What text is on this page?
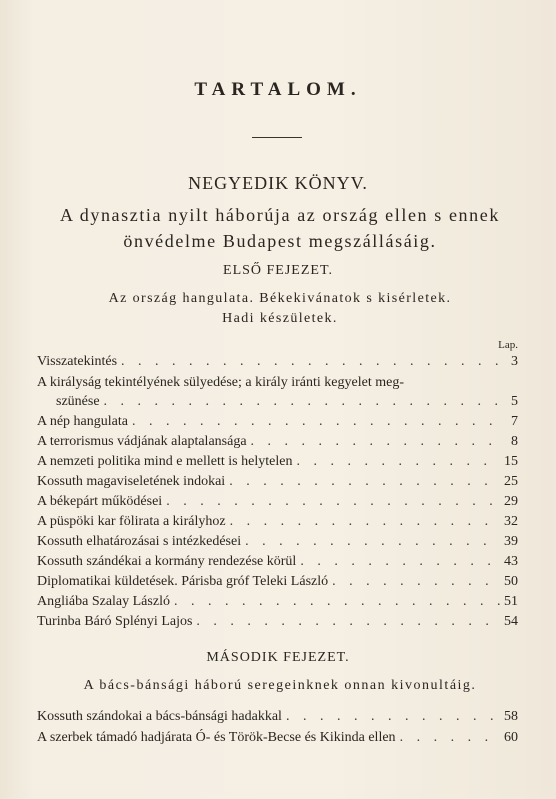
TARTALOM.
NEGYEDIK KÖNYV.
A dynasztia nyilt háborúja az ország ellen s ennek
önvédelme Budapest megszállásáig.
ELSŐ FEJEZET.
Az ország hangulata. Békekivánatok s kisérletek.
Hadi készületek.
Lap.
Visszatekintés . . .	3
A királyság tekintélyének sülyedése; a király iránti kegyelet meg-
szünése . . .	5
A nép hangulata . . .	7
A terrorismus vádjának alaptalansága . . .	8
A nemzeti politika mind e mellett is helytelen . . .	15
Kossuth magaviseletének indokai . . .	25
A békepárt működései . . .	29
A püspöki kar fölirata a királyhoz . . .	32
Kossuth elhatározásai s intézkedései . . .	39
Kossuth szándékai a kormány rendezése körül . . .	43
Diplomatikai küldetések. Párisba gróf Teleki László . . .	50
Angliába Szalay László . . .	51
Turinba Báró Splényi Lajos . . .	54
MÁSODIK FEJEZET.
A bács-bánsági háború seregeinknek onnan kivonultáig.
Kossuth szándokai a bács-bánsági hadakkal . . .	58
A szerbek támadó hadjárata Ó- és Török-Becse és Kikinda ellen . . .	60
